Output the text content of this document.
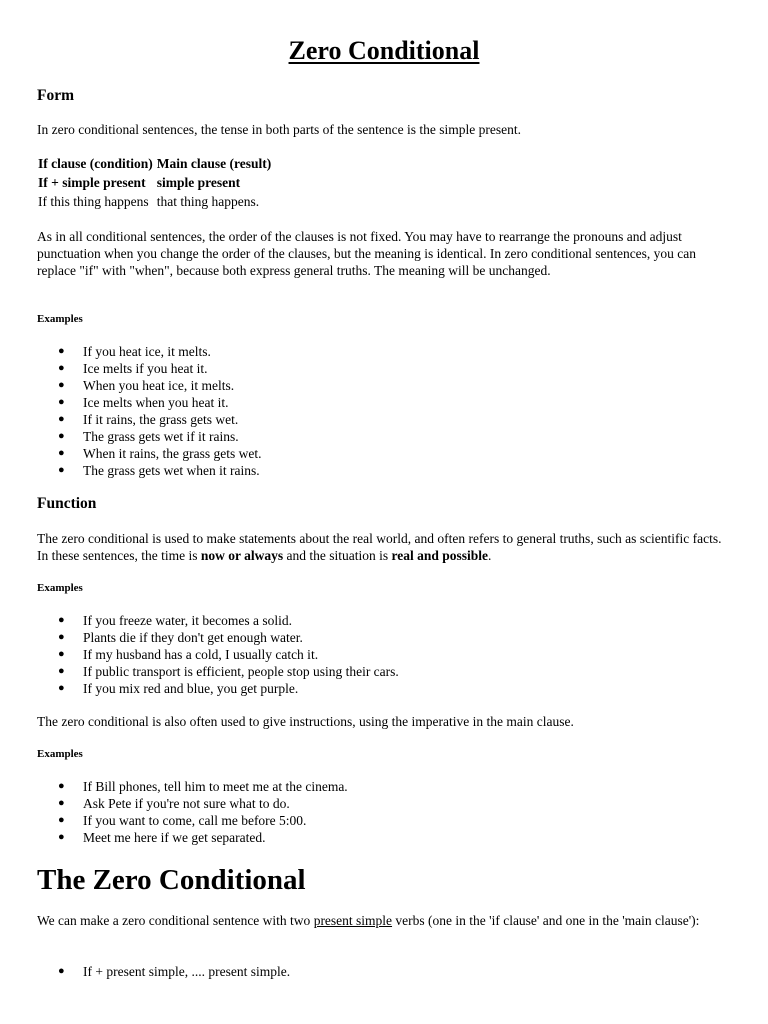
Zero Conditional
Form
In zero conditional sentences, the tense in both parts of the sentence is the simple present.
If clause (condition)	Main clause (result)
If + simple present	simple present
If this thing happens	that thing happens.
As in all conditional sentences, the order of the clauses is not fixed. You may have to rearrange the pronouns and adjust punctuation when you change the order of the clauses, but the meaning is identical. In zero conditional sentences, you can replace "if" with "when", because both express general truths. The meaning will be unchanged.
Examples
● If you heat ice, it melts.
● Ice melts if you heat it.
● When you heat ice, it melts.
● Ice melts when you heat it.
● If it rains, the grass gets wet.
● The grass gets wet if it rains.
● When it rains, the grass gets wet.
● The grass gets wet when it rains.
Function
The zero conditional is used to make statements about the real world, and often refers to general truths, such as scientific facts. In these sentences, the time is now or always and the situation is real and possible.
Examples
● If you freeze water, it becomes a solid.
● Plants die if they don't get enough water.
● If my husband has a cold, I usually catch it.
● If public transport is efficient, people stop using their cars.
● If you mix red and blue, you get purple.
The zero conditional is also often used to give instructions, using the imperative in the main clause.
Examples
● If Bill phones, tell him to meet me at the cinema.
● Ask Pete if you're not sure what to do.
● If you want to come, call me before 5:00.
● Meet me here if we get separated.
The Zero Conditional
We can make a zero conditional sentence with two present simple verbs (one in the 'if clause' and one in the 'main clause'):
● If + present simple, .... present simple.
